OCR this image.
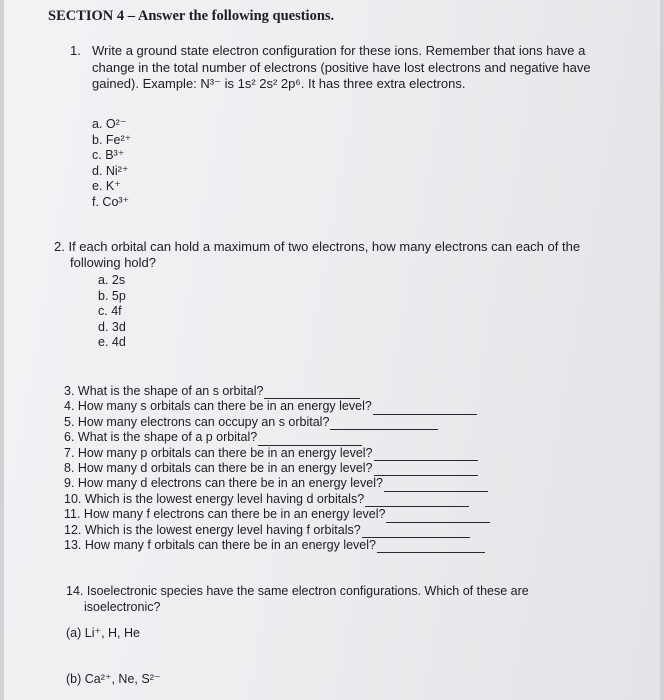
SECTION 4 – Answer the following questions.
1. Write a ground state electron configuration for these ions. Remember that ions have a
change in the total number of electrons (positive have lost electrons and negative have
gained). Example: N³⁻ is 1s² 2s² 2p⁶. It has three extra electrons.
a. O²⁻
b. Fe²⁺
c. B³⁺
d. Ni²⁺
e. K⁺
f. Co³⁺
2. If each orbital can hold a maximum of two electrons, how many electrons can each of the
following hold?
a. 2s
b. 5p
c. 4f
d. 3d
e. 4d
3. What is the shape of an s orbital?
4. How many s orbitals can there be in an energy level?
5. How many electrons can occupy an s orbital?
6. What is the shape of a p orbital?
7. How many p orbitals can there be in an energy level?
8. How many d orbitals can there be in an energy level?
9. How many d electrons can there be in an energy level?
10. Which is the lowest energy level having d orbitals?
11. How many f electrons can there be in an energy level?
12. Which is the lowest energy level having f orbitals?
13. How many f orbitals can there be in an energy level?
14. Isoelectronic species have the same electron configurations. Which of these are
isoelectronic?
(a) Li⁺, H, He
(b) Ca²⁺, Ne, S²⁻
